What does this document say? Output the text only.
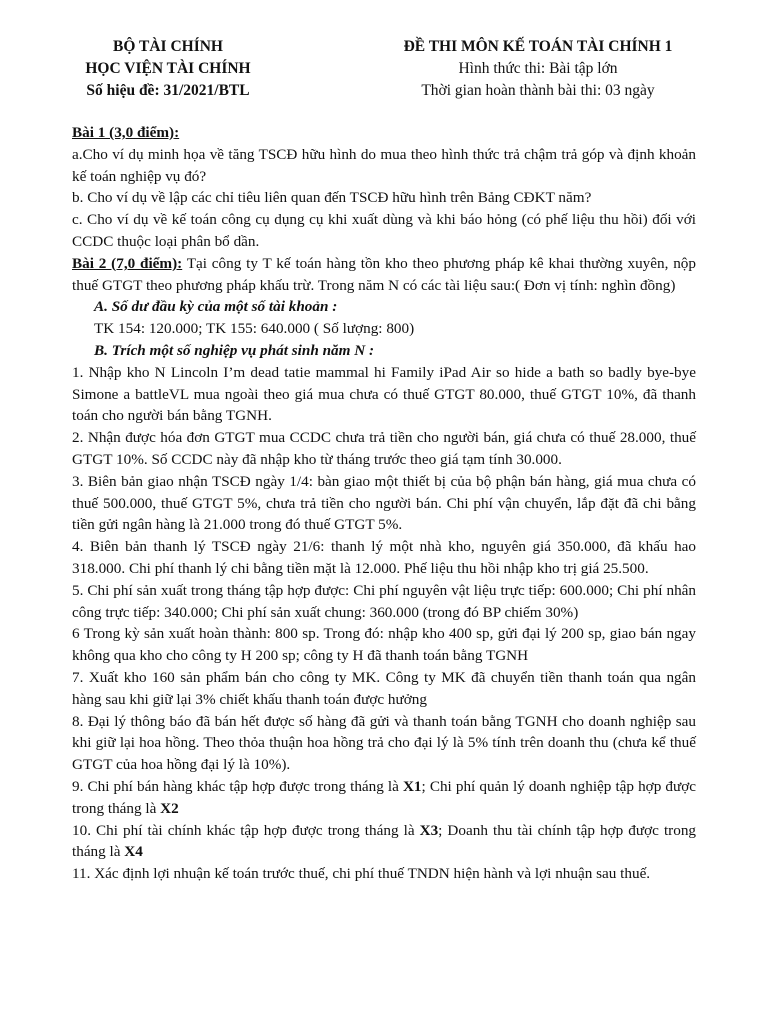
BỘ TÀI CHÍNH
HỌC VIỆN TÀI CHÍNH
Số hiệu đề: 31/2021/BTL
ĐỀ THI MÔN KẾ TOÁN TÀI CHÍNH 1
Hình thức thi: Bài tập lớn
Thời gian hoàn thành bài thi: 03 ngày

Bài 1 (3,0 điểm):

a.Cho ví dụ minh họa về tăng TSCĐ hữu hình do mua theo hình thức trả chậm trả góp và định khoản kế toán nghiệp vụ đó?

b. Cho ví dụ về lập các chỉ tiêu liên quan đến TSCĐ hữu hình trên Bảng CĐKT năm?

c. Cho ví dụ về kế toán công cụ dụng cụ khi xuất dùng và khi báo hỏng (có phế liệu thu hồi) đối với CCDC thuộc loại phân bổ dần.

Bài 2 (7,0 điểm): Tại công ty T kế toán hàng tồn kho theo phương pháp kê khai thường xuyên, nộp thuế GTGT theo phương pháp khấu trừ. Trong năm N có các tài liệu sau:( Đơn vị tính: nghìn đồng)

A. Số dư đầu kỳ của một số tài khoản :

TK 154: 120.000; TK 155: 640.000 ( Số lượng: 800)

B. Trích một số nghiệp vụ phát sinh năm N :

1. Nhập kho N Lincoln I’m dead tatie mammal hi Family iPad Air so hide a bath so badly bye-bye Simone a battleVL mua ngoài theo giá mua chưa có thuế GTGT 80.000, thuế GTGT 10%, đã thanh toán cho người bán bằng TGNH.

2. Nhận được hóa đơn GTGT mua CCDC chưa trả tiền cho người bán, giá chưa có thuế 28.000, thuế GTGT 10%. Số CCDC này đã nhập kho từ tháng trước theo giá tạm tính 30.000.

3. Biên bản giao nhận TSCĐ ngày 1/4: bàn giao một thiết bị của bộ phận bán hàng, giá mua chưa có thuế 500.000, thuế GTGT 5%, chưa trả tiền cho người bán. Chi phí vận chuyển, lắp đặt đã chi bằng tiền gửi ngân hàng là 21.000 trong đó thuế GTGT 5%.

4. Biên bản thanh lý TSCĐ ngày 21/6: thanh lý một nhà kho, nguyên giá 350.000, đã khấu hao 318.000. Chi phí thanh lý chi bằng tiền mặt là 12.000. Phế liệu thu hồi nhập kho trị giá 25.500.

5. Chi phí sản xuất trong tháng tập hợp được: Chi phí nguyên vật liệu trực tiếp: 600.000; Chi phí nhân công trực tiếp: 340.000; Chi phí sản xuất chung: 360.000 (trong đó BP chiếm 30%)

6 Trong kỳ sản xuất hoàn thành: 800 sp. Trong đó: nhập kho 400 sp, gửi đại lý 200 sp, giao bán ngay không qua kho cho công ty H 200 sp; công ty H đã thanh toán bằng TGNH

7. Xuất kho 160 sản phẩm bán cho công ty MK. Công ty MK đã chuyển tiền thanh toán qua ngân hàng sau khi giữ lại 3% chiết khấu thanh toán được hưởng

8. Đại lý thông báo đã bán hết được số hàng đã gửi và thanh toán bằng TGNH cho doanh nghiệp sau khi giữ lại hoa hồng. Theo thỏa thuận hoa hồng trả cho đại lý là 5% tính trên doanh thu (chưa kể thuế GTGT của hoa hồng đại lý là 10%).

9. Chi phí bán hàng khác tập hợp được trong tháng là X1; Chi phí quản lý doanh nghiệp tập hợp được trong tháng là X2

10. Chi phí tài chính khác tập hợp được trong tháng là X3; Doanh thu tài chính tập hợp được trong tháng là X4

11. Xác định lợi nhuận kế toán trước thuế, chi phí thuế TNDN hiện hành và lợi nhuận sau thuế.
